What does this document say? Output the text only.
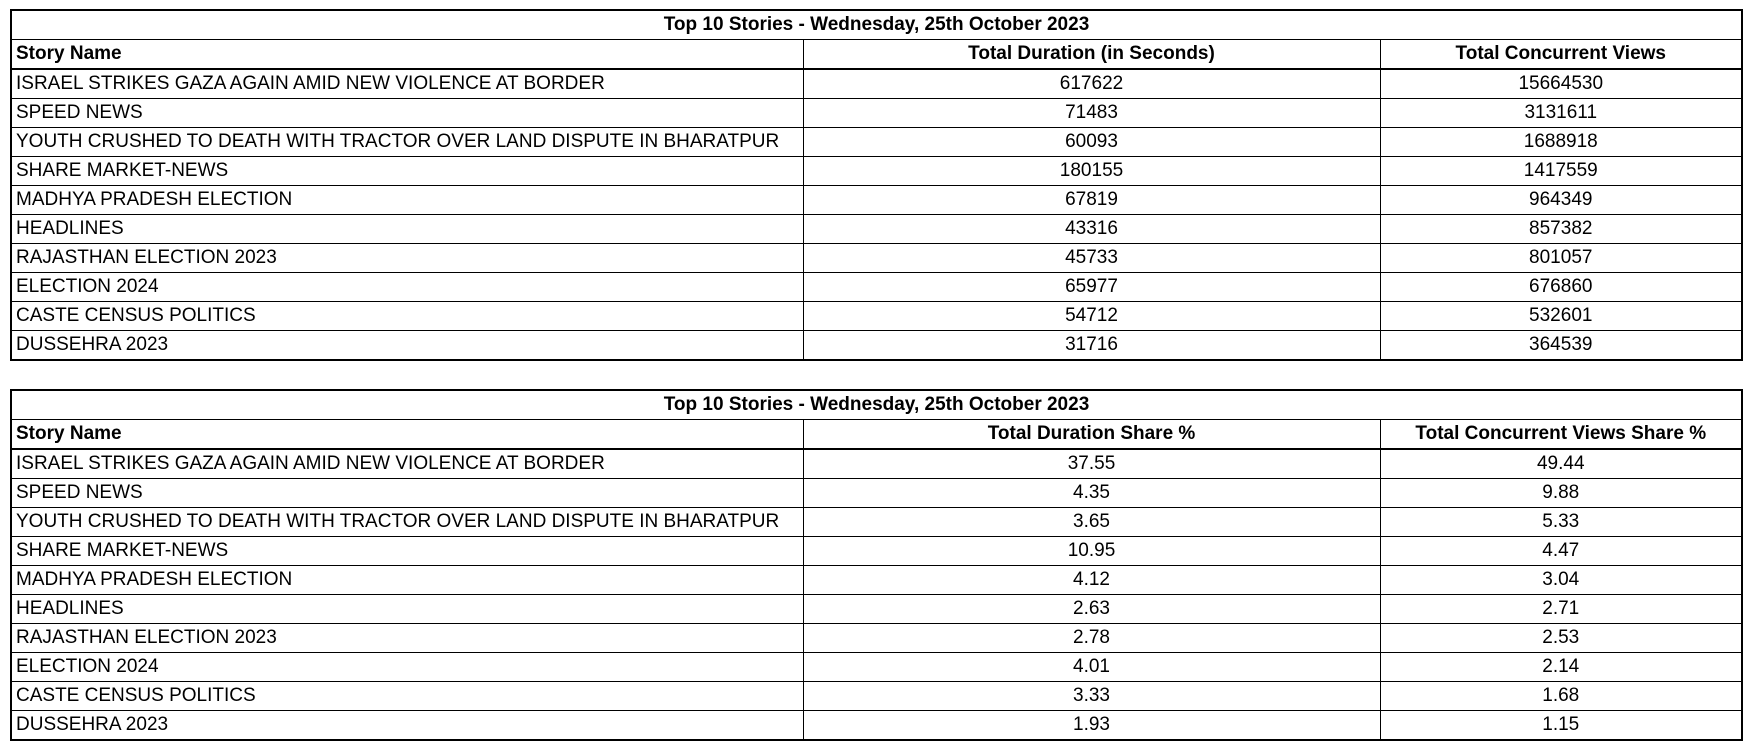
Top 10 Stories - Wednesday, 25th October 2023		
Story Name	Total Duration (in Seconds)	Total Concurrent Views
ISRAEL STRIKES GAZA AGAIN AMID NEW VIOLENCE AT BORDER	617622	15664530
SPEED NEWS	71483	3131611
YOUTH CRUSHED TO DEATH WITH TRACTOR OVER LAND DISPUTE IN BHARATPUR	60093	1688918
SHARE MARKET-NEWS	180155	1417559
MADHYA PRADESH ELECTION	67819	964349
HEADLINES	43316	857382
RAJASTHAN ELECTION 2023	45733	801057
ELECTION 2024	65977	676860
CASTE CENSUS POLITICS	54712	532601
DUSSEHRA 2023	31716	364539
Top 10 Stories - Wednesday, 25th October 2023		
Story Name	Total Duration Share %	Total Concurrent Views Share %
ISRAEL STRIKES GAZA AGAIN AMID NEW VIOLENCE AT BORDER	37.55	49.44
SPEED NEWS	4.35	9.88
YOUTH CRUSHED TO DEATH WITH TRACTOR OVER LAND DISPUTE IN BHARATPUR	3.65	5.33
SHARE MARKET-NEWS	10.95	4.47
MADHYA PRADESH ELECTION	4.12	3.04
HEADLINES	2.63	2.71
RAJASTHAN ELECTION 2023	2.78	2.53
ELECTION 2024	4.01	2.14
CASTE CENSUS POLITICS	3.33	1.68
DUSSEHRA 2023	1.93	1.15
